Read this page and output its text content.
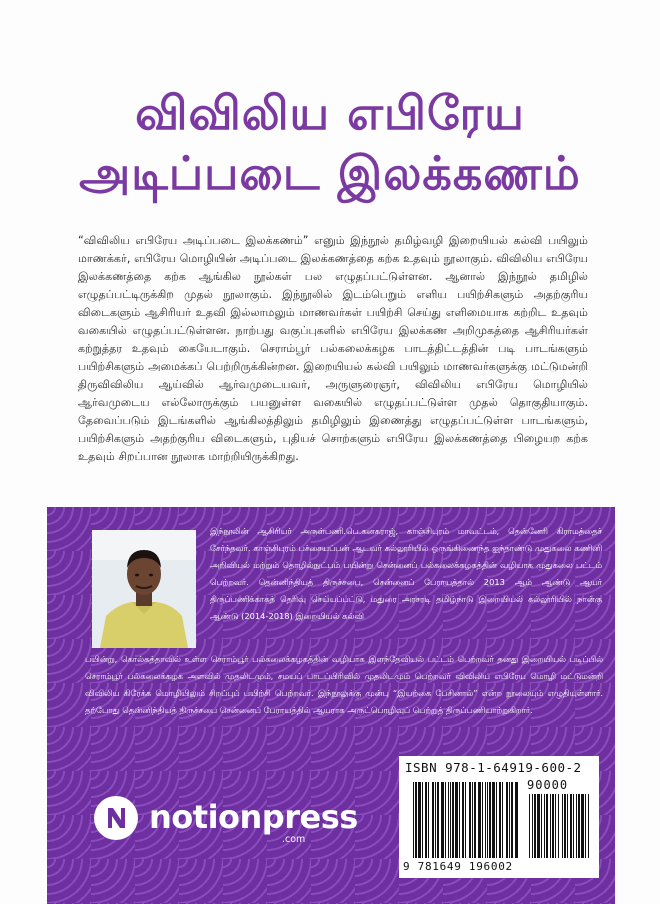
விவிலிய எபிரேய
அடிப்படை இலக்கணம்

“விவிலிய எபிரேய அடிப்படை இலக்கணம்” எனும் இந்நூல் தமிழ்வழி இறையியல் கல்வி பயிலும் மாணக்கர், எபிரேய மொழியின் அடிப்படை இலக்கணத்தை கற்க உதவும் நூலாகும். விவிலிய எபிரேய இலக்கணத்தை கற்க ஆங்கில நூல்கள் பல எழுதப்பட்டுள்ளன. ஆனால் இந்நூல் தமிழில் எழுதப்பட்டிருக்கிற முதல் நூலாகும். இந்நூலில் இடம்பெறும் எளிய பயிற்சிகளும் அதற்குரிய விடைகளும் ஆசிரியர் உதவி இல்லாமலும் மாணவர்கள் பயிற்சி செய்து எளிமையாக கற்றிட உதவும் வகையில் எழுதப்பட்டுள்ளன. நாற்பது வகுப்புகளில் எபிரேய இலக்கண அறிமுகத்தை ஆசிரியர்கள் கற்றுத்தர உதவும் கையேடாகும். செராம்பூர் பல்கலைக்கழக பாடத்திட்டத்தின் படி பாடங்களும் பயிற்சிகளும் அமைக்கப் பெற்றிருக்கின்றன. இறையியல் கல்வி பயிலும் மாணவர்களுக்கு மட்டுமன்றி திருவிவிலிய ஆய்வில் ஆர்வமுடையவர், அருளுரைஞர், விவிலிய எபிரேய மொழியில் ஆர்வமுடைய எல்லோருக்கும் பயனுள்ள வகையில் எழுதப்பட்டுள்ள முதல் தொகுதியாகும். தேவைப்படும் இடங்களில் ஆங்கிலத்திலும் தமிழிலும் இணைத்து எழுதப்பட்டுள்ள பாடங்களும், பயிற்சிகளும் அதற்குரிய விடைகளும், புதியச் சொற்களும் எபிரேய இலக்கணத்தை பிழையற கற்க உதவும் சிறப்பான நூலாக மாற்றியிருக்கிறது.

இந்நூலின் ஆசிரியர் அருள்பணி.பெ.கனகராஜ், காஞ்சிபுரம் மாவட்டம், தென்னேரி கிராமத்தைச் சேர்ந்தவர். காஞ்சிபுரம் பச்சையப்பன் ஆடவர் கல்லூரியில் ஒருங்கிணைந்த ஐந்தாண்டு முதுகலை கணினி அறிவியல் மற்றும் தொழில்நுட்பம் பயின்று சென்னைப் பல்கலைக்கழகத்தின் வழியாக முதுகலை பட்டம் பெற்றவர். தென்னிந்தியத் திருச்சபை, சென்னைப் பேராயத்தால் 2013 ஆம் ஆண்டு ஆயர் திருப்பணிக்காகத் தெரிவு செய்யப்பட்டு, மதுரை அரசரடி தமிழ்நாடு இறையியல் கல்லூரியில் நான்கு ஆண்டு (2014-2018) இறையியல் கல்வி

பயின்று, கொல்கத்தாவில் உள்ள செராம்பூர் பல்கலைக்கழகத்தின் வழியாக இளந்தேவியல் பட்டம் பெற்றவர் தனது இறையியல் படிப்பில் செராம்பூர் பல்கலைக்கழக அளவில் முதலிடமும், சமயப் பாடப்பிரிவில் முதலிடமும் பெற்றவர் விவிலிய எபிரேய மொழி மட்டுமன்றி விவிலிய கிரேக்க மொழியிலும் சிறப்புப் பயிற்சி பெற்றவர். இந்நூலுக்கு முன்பு “இயற்கை பேசினால்” என்ற நூலையும் எழுதியுள்ளார். தற்போது தென்னிந்தியத் திருச்சபை சென்னைப் பேராயத்தில் ஆயராக அருட்பொழிவுப் பெற்றுத் திருப்பணியாற்றுகிறார்.

notionpress
.com
ISBN 978-1-64919-600-2
90000
9 781649 196002
